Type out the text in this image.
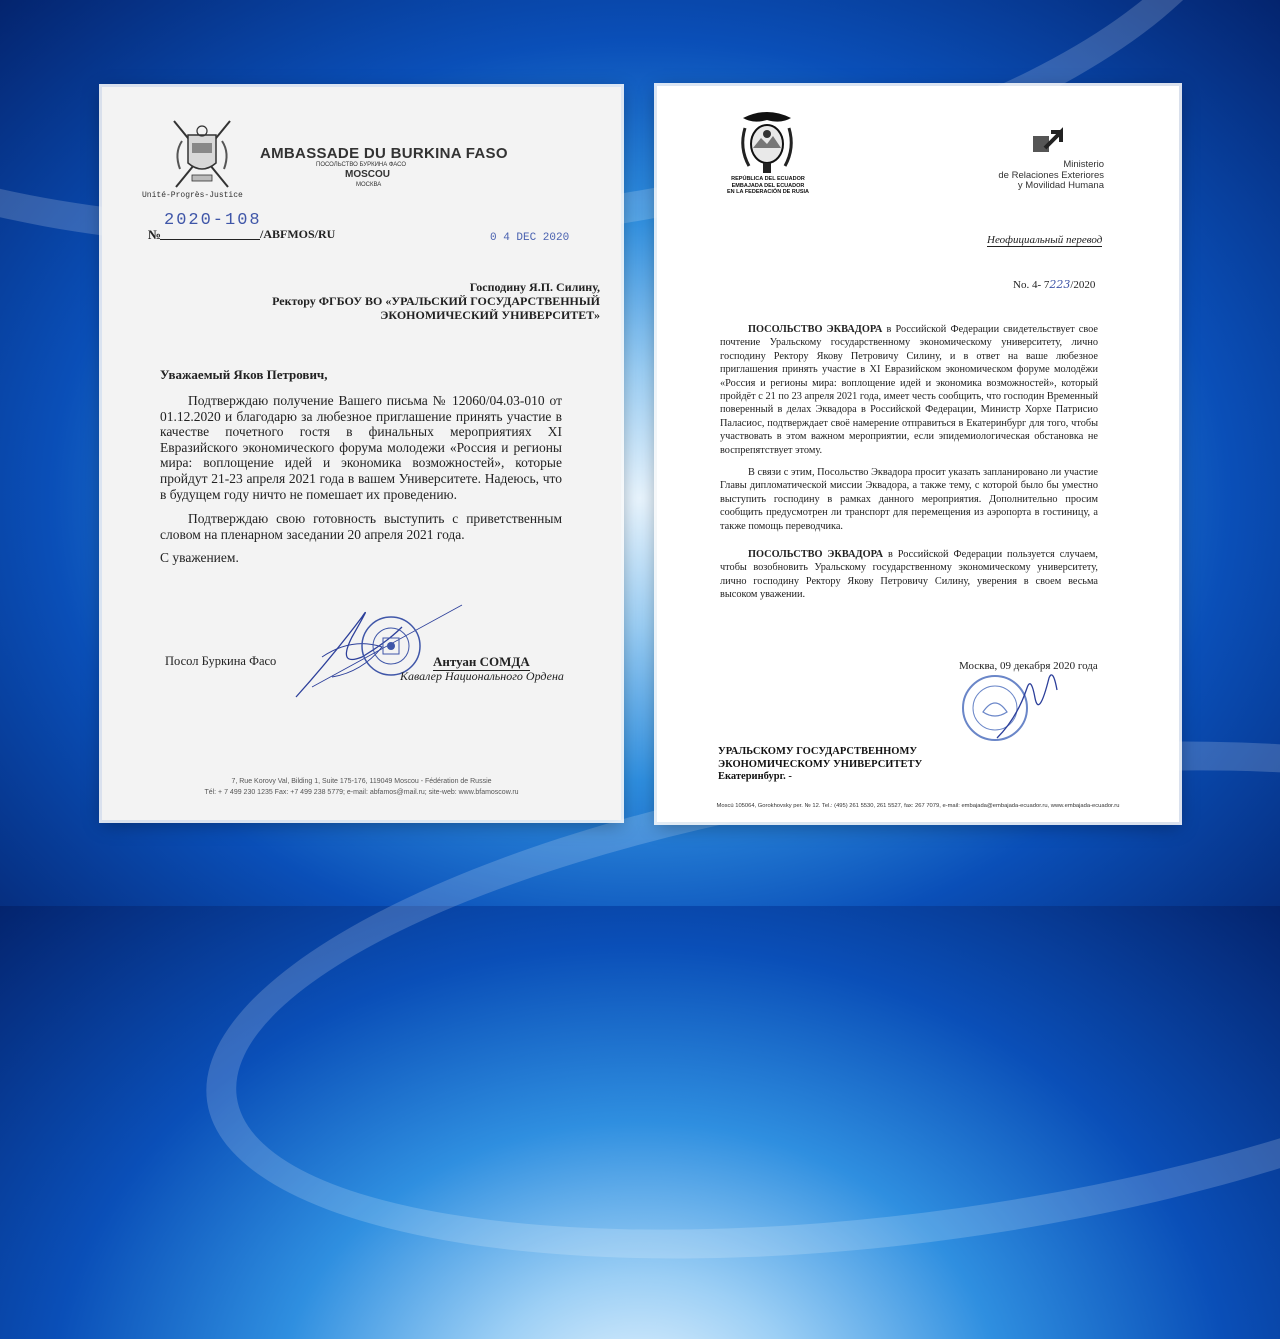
Unité-Progrès-Justice
AMBASSADE DU BURKINA FASO
ПОСОЛЬСТВО БУРКИНА ФАСО
MOSCOU
МОСКВА
№
2020-108
/ABFMOS/RU	0 4 DEC 2020
Господину Я.П. Силину,
Ректору ФГБОУ ВО «УРАЛЬСКИЙ ГОСУДАРСТВЕННЫЙ
ЭКОНОМИЧЕСКИЙ УНИВЕРСИТЕТ»
Уважаемый Яков Петрович,
Подтверждаю получение Вашего письма № 12060/04.03-010 от 01.12.2020 и благодарю за любезное приглашение принять участие в качестве почетного гостя в финальных мероприятиях XI Евразийского экономического форума молодежи «Россия и регионы мира: воплощение идей и экономика возможностей», которые пройдут 21-23 апреля 2021 года в вашем Университете. Надеюсь, что в будущем году ничто не помешает их проведению.
Подтверждаю свою готовность выступить с приветственным словом на пленарном заседании 20 апреля 2021 года.
С уважением.
Посол Буркина Фасо	Антуан СОМДА
Кавалер Национального Ордена
7, Rue Korovy Val, Bilding 1, Suite 175-176, 119049 Moscou - Fédération de Russie
Tél: + 7 499 230 1235 Fax: +7 499 238 5779; e-mail: abfamos@mail.ru; site-web: www.bfamoscow.ru
REPÚBLICA DEL ECUADOR
EMBAJADA DEL ECUADOR
EN LA FEDERACIÓN DE RUSIA
Ministerio
de Relaciones Exteriores
y Movilidad Humana
Неофициальный перевод
No. 4- 7223/2020
ПОСОЛЬСТВО ЭКВАДОРА в Российской Федерации свидетельствует свое почтение Уральскому государственному экономическому университету, лично господину Ректору Якову Петровичу Силину, и в ответ на ваше любезное приглашения принять участие в XI Евразийском экономическом форуме молодёжи «Россия и регионы мира: воплощение идей и экономика возможностей», который пройдёт с 21 по 23 апреля 2021 года, имеет честь сообщить, что господин Временный поверенный в делах Эквадора в Российской Федерации, Министр Хорхе Патрисио Паласиос, подтверждает своё намерение отправиться в Екатеринбург для того, чтобы участвовать в этом важном мероприятии, если эпидемиологическая обстановка не воспрепятствует этому.
В связи с этим, Посольство Эквадора просит указать запланировано ли участие Главы дипломатической миссии Эквадора, а также тему, с которой было бы уместно выступить господину в рамках данного мероприятия. Дополнительно просим сообщить предусмотрен ли транспорт для перемещения из аэропорта в гостиницу, а также помощь переводчика.
ПОСОЛЬСТВО ЭКВАДОРА в Российской Федерации пользуется случаем, чтобы возобновить Уральскому государственному экономическому университету, лично господину Ректору Якову Петровичу Силину, уверения в своем весьма высоком уважении.
Москва, 09 декабря 2020 года
УРАЛЬСКОМУ ГОСУДАРСТВЕННОМУ
ЭКОНОМИЧЕСКОМУ УНИВЕРСИТЕТУ
Екатеринбург. -
Moscú 105064, Gorokhovsky per. № 12. Tel.: (495) 261 5530, 261 5527, fax: 267 7079, e-mail: embajada@embajada-ecuador.ru, www.embajada-ecuador.ru
